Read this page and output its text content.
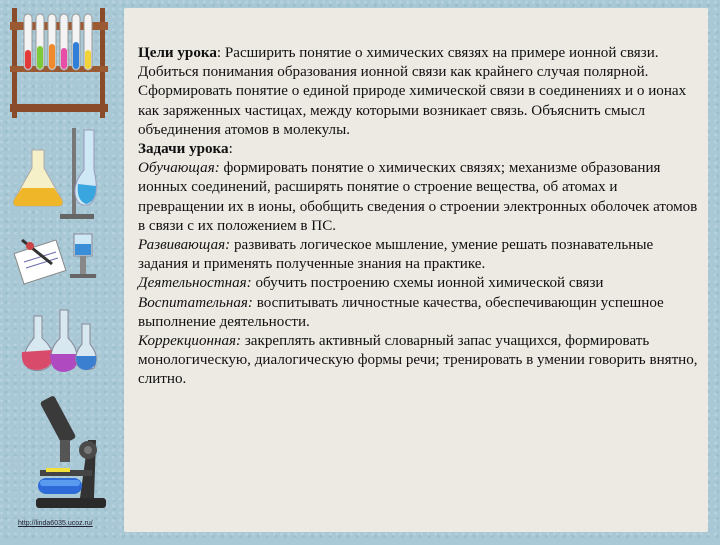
http://linda6035.ucoz.ru/

Цели урока: Расширить понятие о химических связях на примере ионной связи. Добиться понимания образования ионной связи как крайнего случая полярной. Сформировать понятие о единой природе химической связи в соединениях и о ионах как заряженных частицах, между которыми возникает связь. Объяснить смысл объединения атомов в молекулы.

Задачи урока:

Обучающая: формировать понятие о химических связях; механизме образования ионных соединений, расширять понятие о строение вещества, об атомах и превращении их в ионы, обобщить сведения о строении электронных оболочек атомов в связи с их положением в ПС.

Развивающая: развивать логическое мышление, умение решать познавательные задания и применять полученные знания на практике.

Деятельностная: обучить построению схемы ионной химической связи

Воспитательная: воспитывать личностные качества, обеспечивающин успешное выполнение деятельности.

Коррекционная: закреплять активный словарный запас учащихся, формировать монологическую, диалогическую формы речи; тренировать в умении говорить внятно, слитно.
